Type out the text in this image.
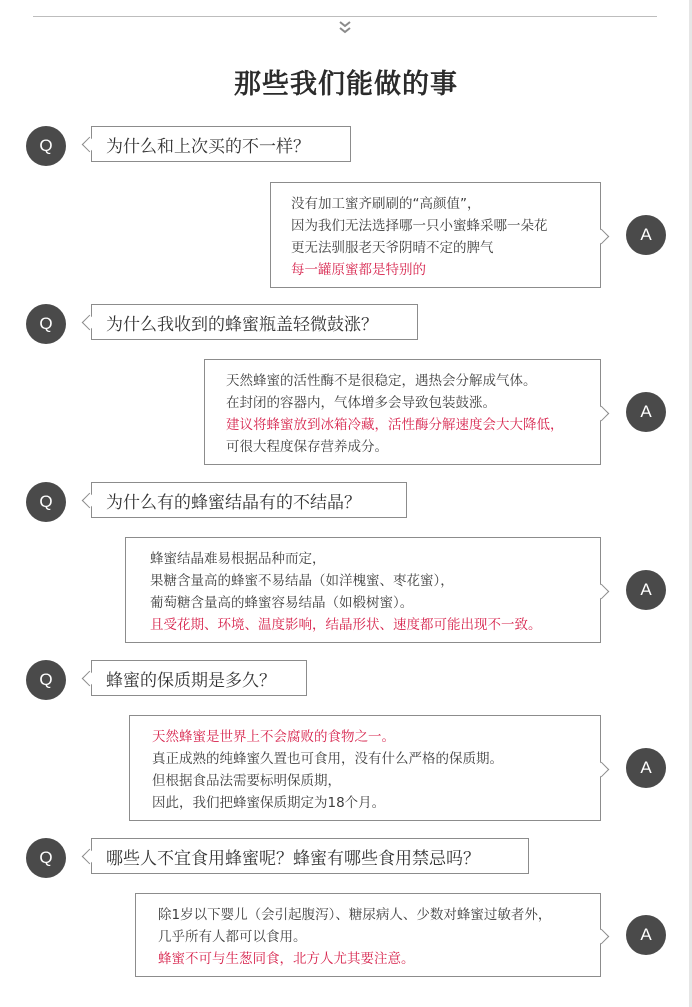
那些我们能做的事
Q	为什么和上次买的不一样？
没有加工蜜齐刷刷的“高颜值”，
因为我们无法选择哪一只小蜜蜂采哪一朵花
更无法驯服老天爷阴晴不定的脾气
每一罐原蜜都是特别的
A
Q	为什么我收到的蜂蜜瓶盖轻微鼓涨？
天然蜂蜜的活性酶不是很稳定，遇热会分解成气体。
在封闭的容器内，气体增多会导致包装鼓涨。
建议将蜂蜜放到冰箱冷藏，活性酶分解速度会大大降低，
可很大程度保存营养成分。
A
Q	为什么有的蜂蜜结晶有的不结晶？
蜂蜜结晶难易根据品种而定，
果糖含量高的蜂蜜不易结晶（如洋槐蜜、枣花蜜），
葡萄糖含量高的蜂蜜容易结晶（如椴树蜜）。
且受花期、环境、温度影响，结晶形状、速度都可能出现不一致。
A
Q	蜂蜜的保质期是多久？
天然蜂蜜是世界上不会腐败的食物之一。
真正成熟的纯蜂蜜久置也可食用，没有什么严格的保质期。
但根据食品法需要标明保质期，
因此，我们把蜂蜜保质期定为18个月。
A
Q	哪些人不宜食用蜂蜜呢？蜂蜜有哪些食用禁忌吗？
除1岁以下婴儿（会引起腹泻）、糖尿病人、少数对蜂蜜过敏者外，
几乎所有人都可以食用。
蜂蜜不可与生葱同食，北方人尤其要注意。
A
